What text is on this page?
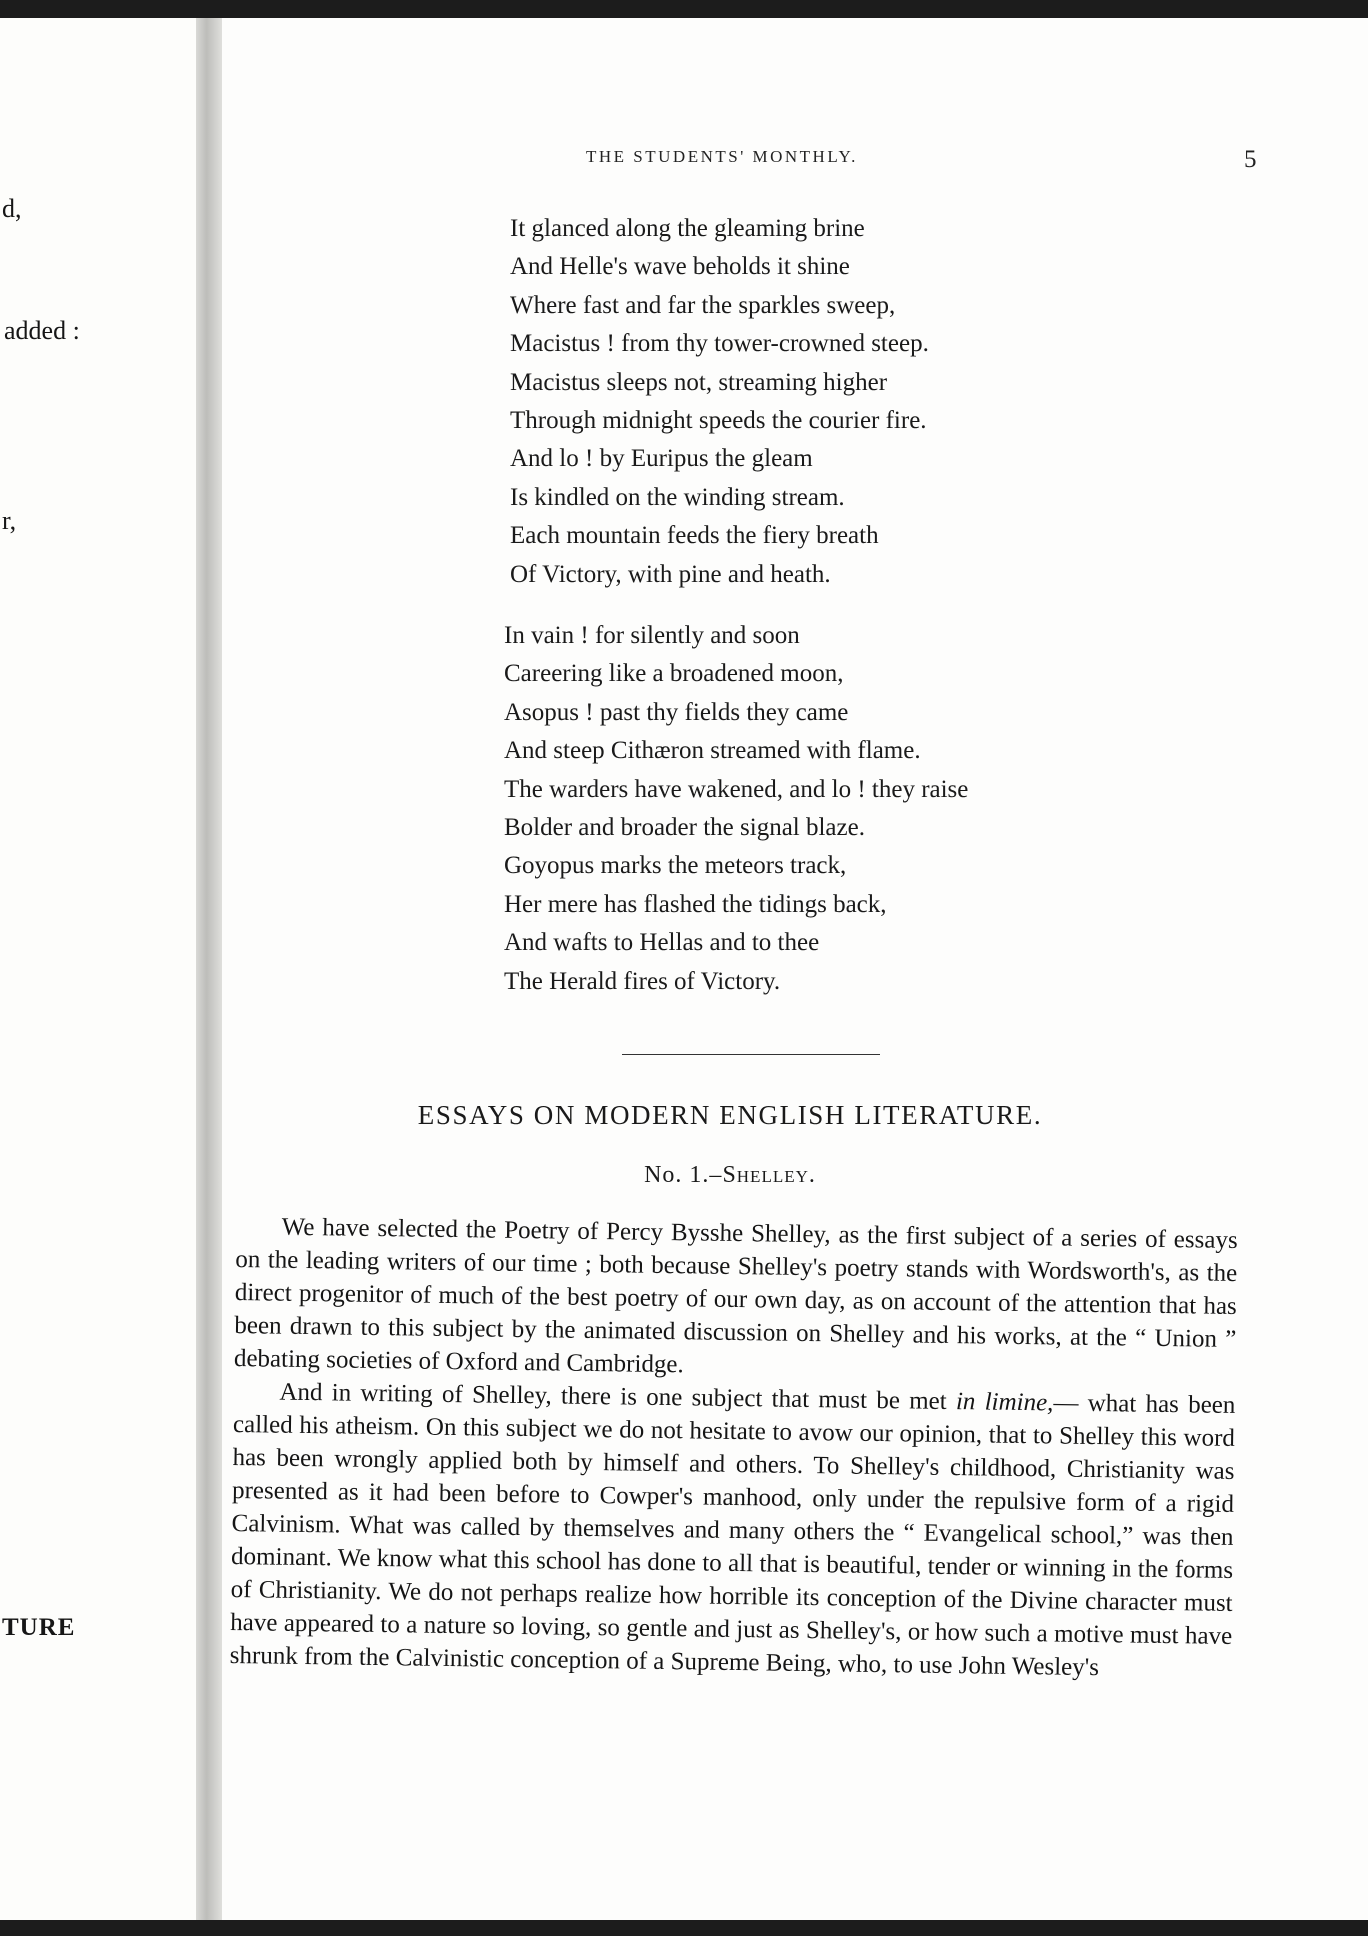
d,
added :
r,
TURE
THE STUDENTS' MONTHLY.	5
It glanced along the gleaming brine
And Helle's wave beholds it shine
Where fast and far the sparkles sweep,
Macistus ! from thy tower-crowned steep.
Macistus sleeps not, streaming higher
Through midnight speeds the courier fire.
And lo ! by Euripus the gleam
Is kindled on the winding stream.
Each mountain feeds the fiery breath
Of Victory, with pine and heath.
In vain ! for silently and soon
Careering like a broadened moon,
Asopus ! past thy fields they came
And steep Cithæron streamed with flame.
The warders have wakened, and lo ! they raise
Bolder and broader the signal blaze.
Goyopus marks the meteors track,
Her mere has flashed the tidings back,
And wafts to Hellas and to thee
The Herald fires of Victory.
ESSAYS ON MODERN ENGLISH LITERATURE.
No. 1.–Shelley.

We have selected the Poetry of Percy Bysshe Shelley, as the first subject of a series of essays on the leading writers of our time ; both because Shelley's poetry stands with Wordsworth's, as the direct progenitor of much of the best poetry of our own day, as on account of the attention that has been drawn to this subject by the animated discussion on Shelley and his works, at the “ Union ” debating societies of Oxford and Cambridge.

And in writing of Shelley, there is one subject that must be met in limine,— what has been called his atheism. On this subject we do not hesitate to avow our opinion, that to Shelley this word has been wrongly applied both by himself and others. To Shelley's childhood, Christianity was presented as it had been before to Cowper's manhood, only under the repulsive form of a rigid Calvinism. What was called by themselves and many others the “ Evangelical school,” was then dominant. We know what this school has done to all that is beautiful, tender or winning in the forms of Christianity. We do not perhaps realize how horrible its conception of the Divine character must have appeared to a nature so loving, so gentle and just as Shelley's, or how such a motive must have shrunk from the Calvinistic conception of a Supreme Being, who, to use John Wesley's
